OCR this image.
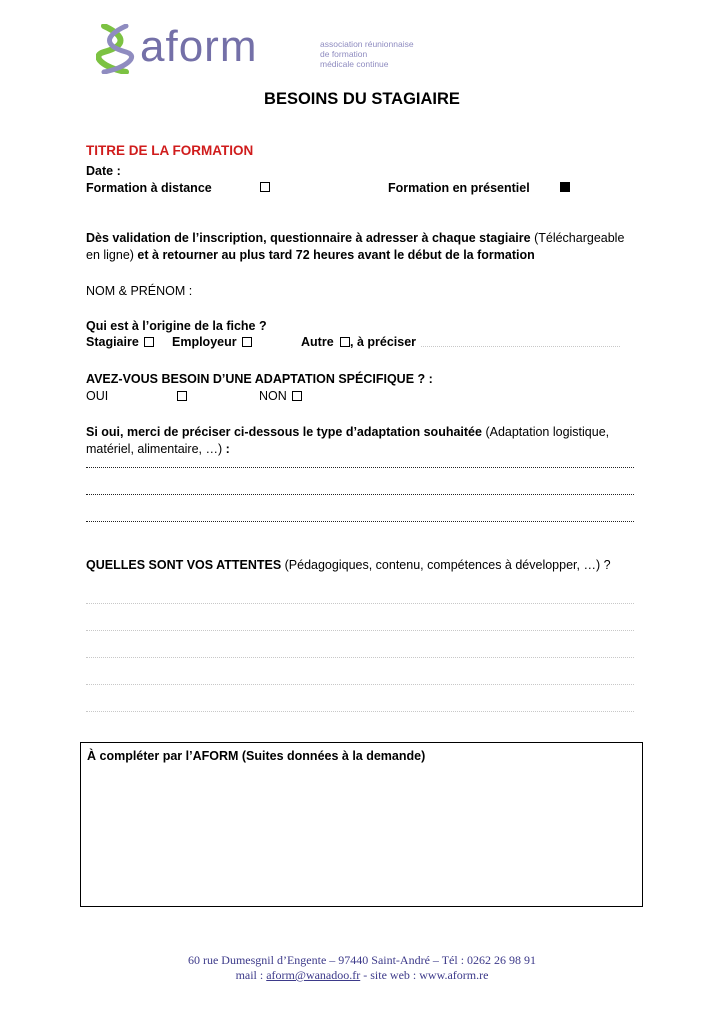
aform	association réunionnaise
de formation
médicale continue
BESOINS DU STAGIAIRE
TITRE DE LA FORMATION
Date :
Formation à distance	Formation en présentiel
Dès validation de l’inscription, questionnaire à adresser à chaque stagiaire (Téléchargeable
en ligne) et à retourner au plus tard 72 heures avant le début de la formation
NOM & PRÉNOM :
Qui est à l’origine de la fiche ?
Stagiaire	Employeur	Autre , à préciser
AVEZ-VOUS BESOIN D’UNE ADAPTATION SPÉCIFIQUE ? :
OUI	NON
Si oui, merci de préciser ci-dessous le type d’adaptation souhaitée (Adaptation logistique,
matériel, alimentaire, …) :
QUELLES SONT VOS ATTENTES (Pédagogiques, contenu, compétences à développer, …) ?
À compléter par l’AFORM (Suites données à la demande)
60 rue Dumesgnil d’Engente – 97440 Saint-André – Tél : 0262 26 98 91
mail : aform@wanadoo.fr - site web : www.aform.re
